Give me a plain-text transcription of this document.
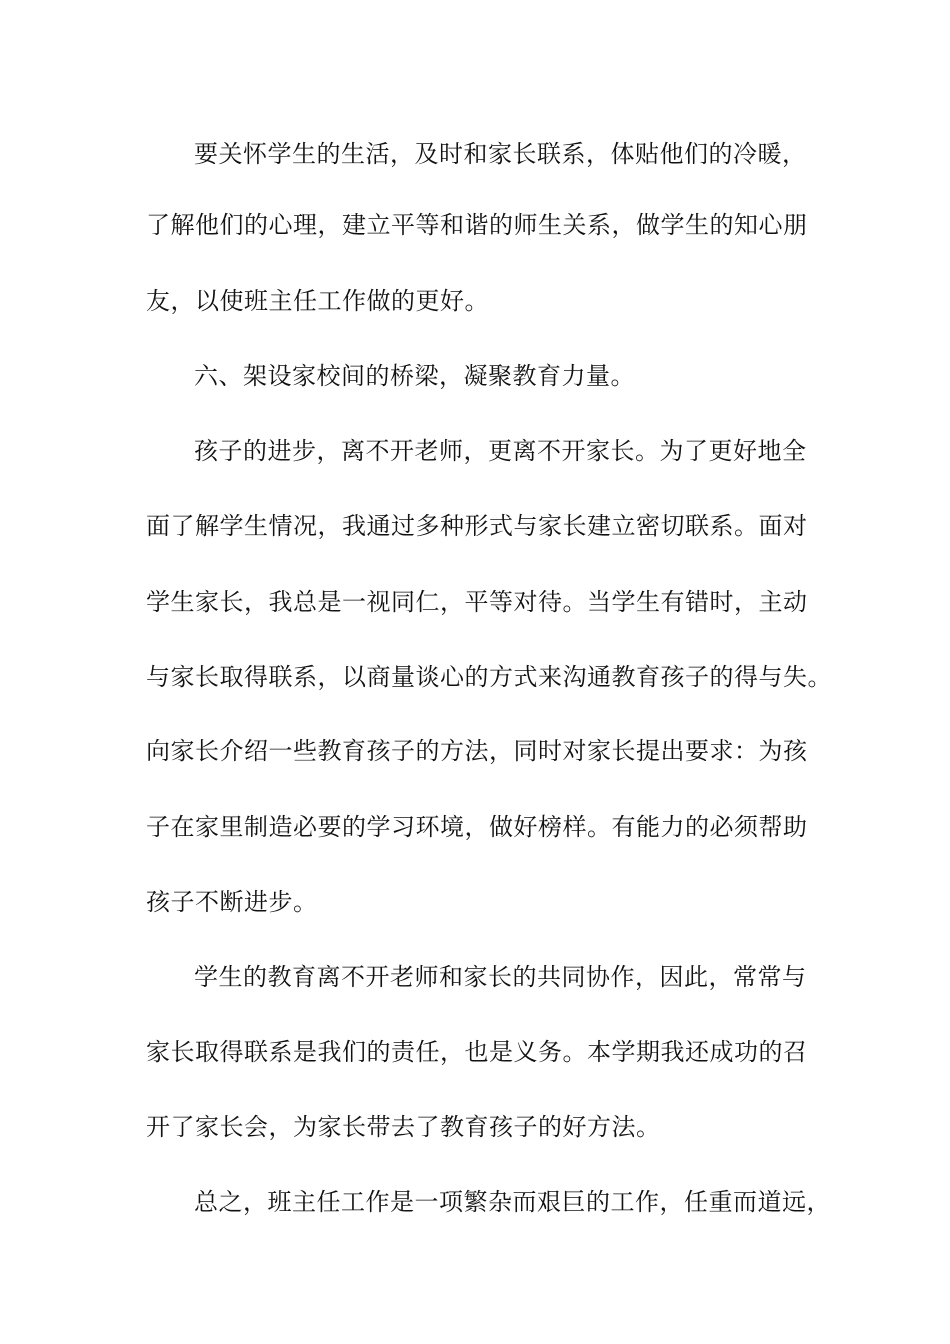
要关怀学生的生活，及时和家长联系，体贴他们的冷暖，
了解他们的心理，建立平等和谐的师生关系，做学生的知心朋
友，以使班主任工作做的更好。
六、架设家校间的桥梁，凝聚教育力量。
孩子的进步，离不开老师，更离不开家长。为了更好地全
面了解学生情况，我通过多种形式与家长建立密切联系。面对
学生家长，我总是一视同仁，平等对待。当学生有错时，主动
与家长取得联系，以商量谈心的方式来沟通教育孩子的得与失。
向家长介绍一些教育孩子的方法，同时对家长提出要求：为孩
子在家里制造必要的学习环境，做好榜样。有能力的必须帮助
孩子不断进步。
学生的教育离不开老师和家长的共同协作，因此，常常与
家长取得联系是我们的责任，也是义务。本学期我还成功的召
开了家长会，为家长带去了教育孩子的好方法。
总之，班主任工作是一项繁杂而艰巨的工作，任重而道远，
